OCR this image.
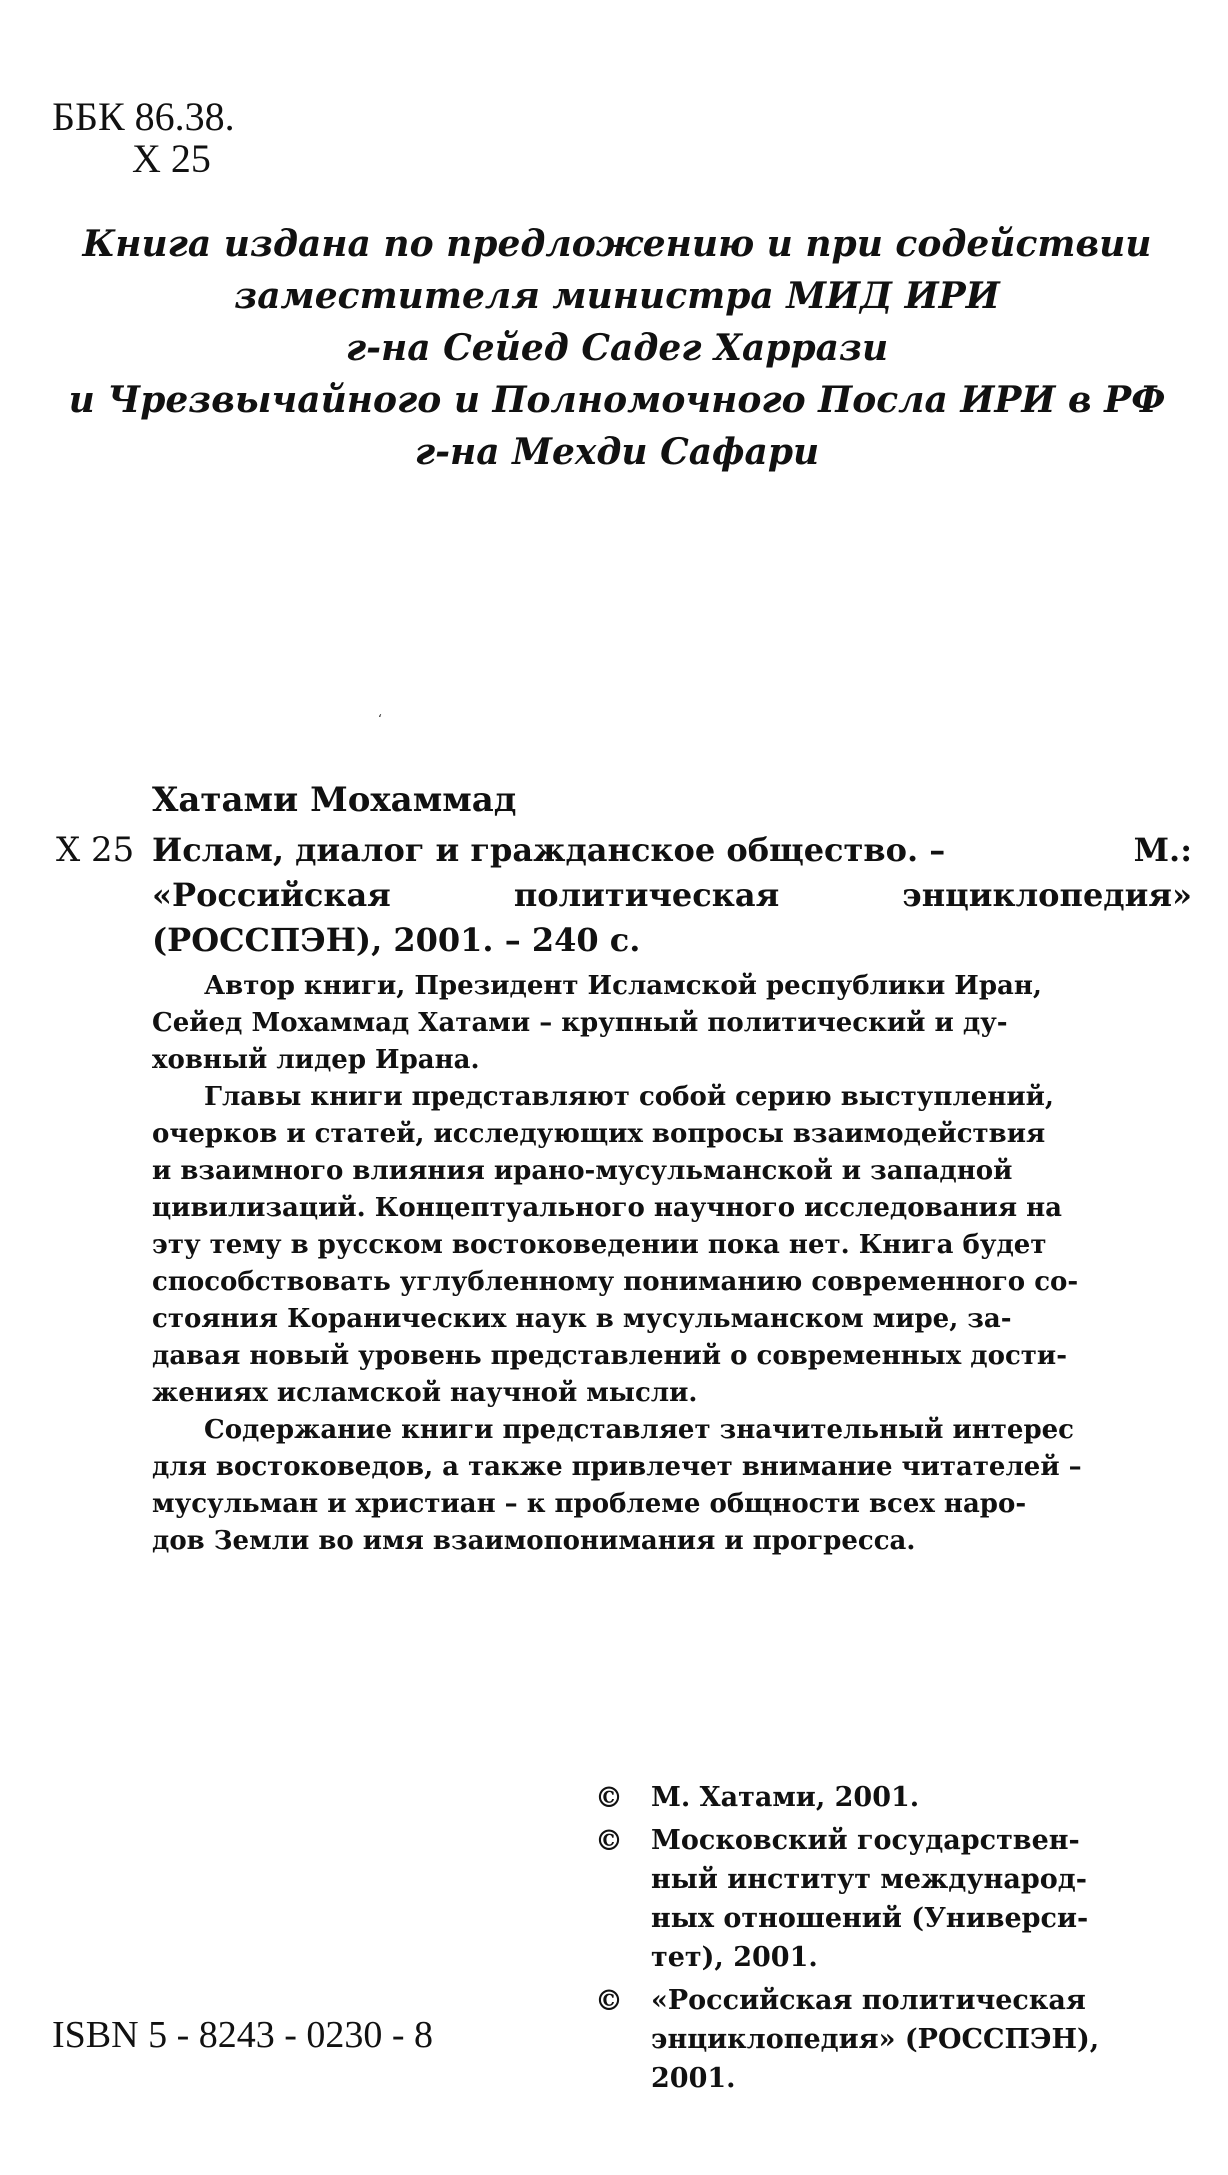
ББК 86.38.
Х 25
Книга издана по предложению и при содействии
заместителя министра МИД ИРИ
г-на Сейед Садег Харрази
и Чрезвычайного и Полномочного Посла ИРИ в РФ
г-на Мехди Сафари
‘
Хатами Мохаммад
Х 25 Ислам, диалог и гражданское общество. –	М.:
«Российская	политическая	энциклопедия»
(РОССПЭН), 2001. – 240 с.

Автор книги, Президент Исламской республики Иран,
Сейед Мохаммад Хатами – крупный политический и ду-
ховный лидер Ирана.

Главы книги представляют собой серию выступлений,
очерков и статей, исследующих вопросы взаимодействия
и взаимного влияния ирано-мусульманской и западной
цивилизаций. Концептуального научного исследования на
эту тему в русском востоковедении пока нет. Книга будет
способствовать углубленному пониманию современного со-
стояния Коранических наук в мусульманском мире, за-
давая новый уровень представлений о современных дости-
жениях исламской научной мысли.

Содержание книги представляет значительный интерес
для востоковедов, а также привлечет внимание читателей –
мусульман и христиан – к проблеме общности всех наро-
дов Земли во имя взаимопонимания и прогресса.

©	М. Хатами, 2001.
©	Московский государствен-
ный институт международ-
ных отношений (Универси-
тет), 2001.
©	«Российская политическая
энциклопедия» (РОССПЭН),
2001.
ISBN 5 - 8243 - 0230 - 8
